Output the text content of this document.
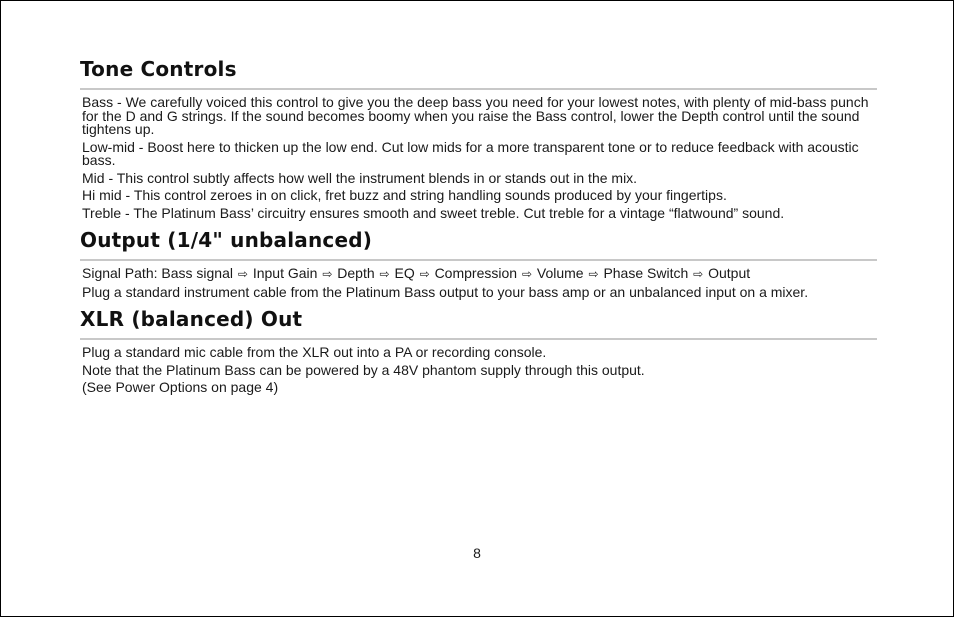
Tone Controls

Bass - We carefully voiced this control to give you the deep bass you need for your lowest notes, with plenty of mid-bass punch for the D and G strings. If the sound becomes boomy when you raise the Bass control, lower the Depth control until the sound tightens up.

Low-mid - Boost here to thicken up the low end. Cut low mids for a more transparent tone or to reduce feedback with acoustic bass.

Mid - This control subtly affects how well the instrument blends in or stands out in the mix.

Hi mid - This control zeroes in on click, fret buzz and string handling sounds produced by your fingertips.

Treble - The Platinum Bass’ circuitry ensures smooth and sweet treble. Cut treble for a vintage “flatwound” sound.

Output (1/4" unbalanced)

Signal Path: Bass signal ⇨ Input Gain ⇨ Depth ⇨ EQ ⇨ Compression ⇨ Volume ⇨ Phase Switch ⇨ Output

Plug a standard instrument cable from the Platinum Bass output to your bass amp or an unbalanced input on a mixer.

XLR (balanced) Out

Plug a standard mic cable from the XLR out into a PA or recording console.

Note that the Platinum Bass can be powered by a 48V phantom supply through this output.

(See Power Options on page 4)

8
